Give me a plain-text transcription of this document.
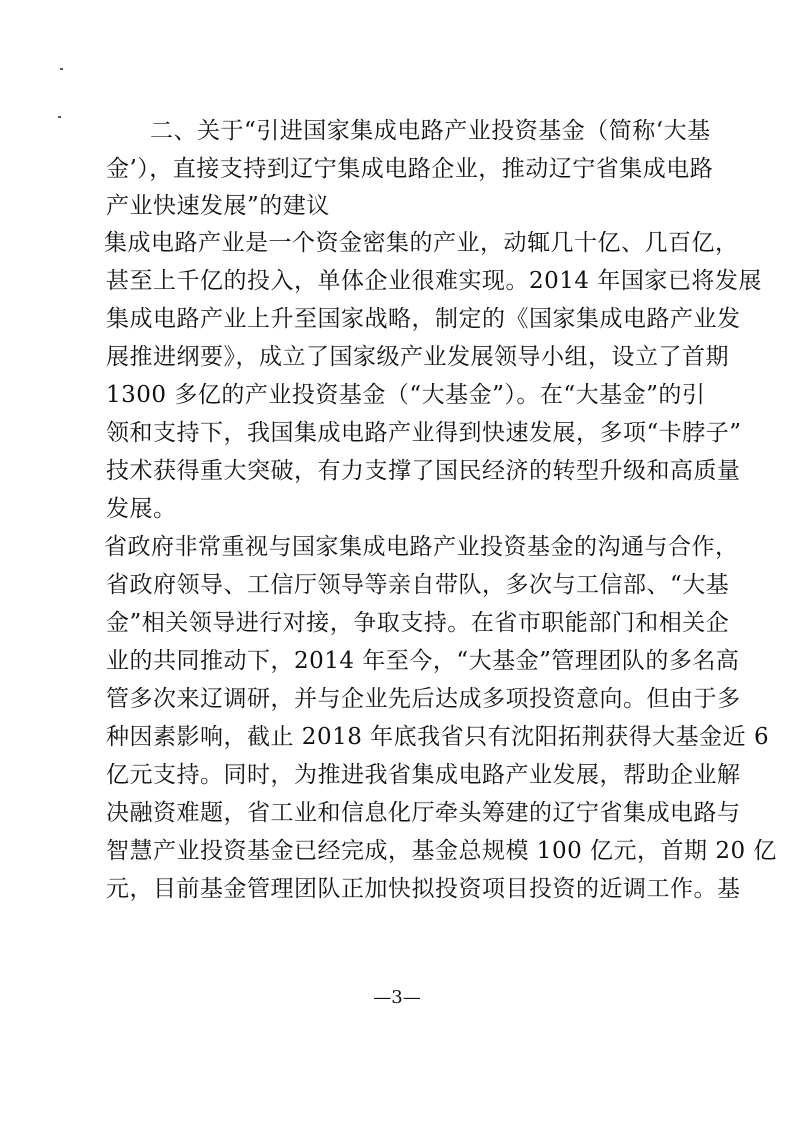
二、关于“引进国家集成电路产业投资基金（简称‘大基

金’），直接支持到辽宁集成电路企业，推动辽宁省集成电路

产业快速发展”的建议

集成电路产业是一个资金密集的产业，动辄几十亿、几百亿，

甚至上千亿的投入，单体企业很难实现。2014 年国家已将发展

集成电路产业上升至国家战略，制定的《国家集成电路产业发

展推进纲要》，成立了国家级产业发展领导小组，设立了首期

1300 多亿的产业投资基金（“大基金”）。在“大基金”的引

领和支持下，我国集成电路产业得到快速发展，多项“卡脖子”

技术获得重大突破，有力支撑了国民经济的转型升级和高质量

发展。

省政府非常重视与国家集成电路产业投资基金的沟通与合作，

省政府领导、工信厅领导等亲自带队，多次与工信部、“大基

金”相关领导进行对接，争取支持。在省市职能部门和相关企

业的共同推动下，2014 年至今，“大基金”管理团队的多名高

管多次来辽调研，并与企业先后达成多项投资意向。但由于多

种因素影响，截止 2018 年底我省只有沈阳拓荆获得大基金近 6

亿元支持。同时，为推进我省集成电路产业发展，帮助企业解

决融资难题，省工业和信息化厅牵头筹建的辽宁省集成电路与

智慧产业投资基金已经完成，基金总规模 100 亿元，首期 20 亿

元，目前基金管理团队正加快拟投资项目投资的近调工作。基

—3—
